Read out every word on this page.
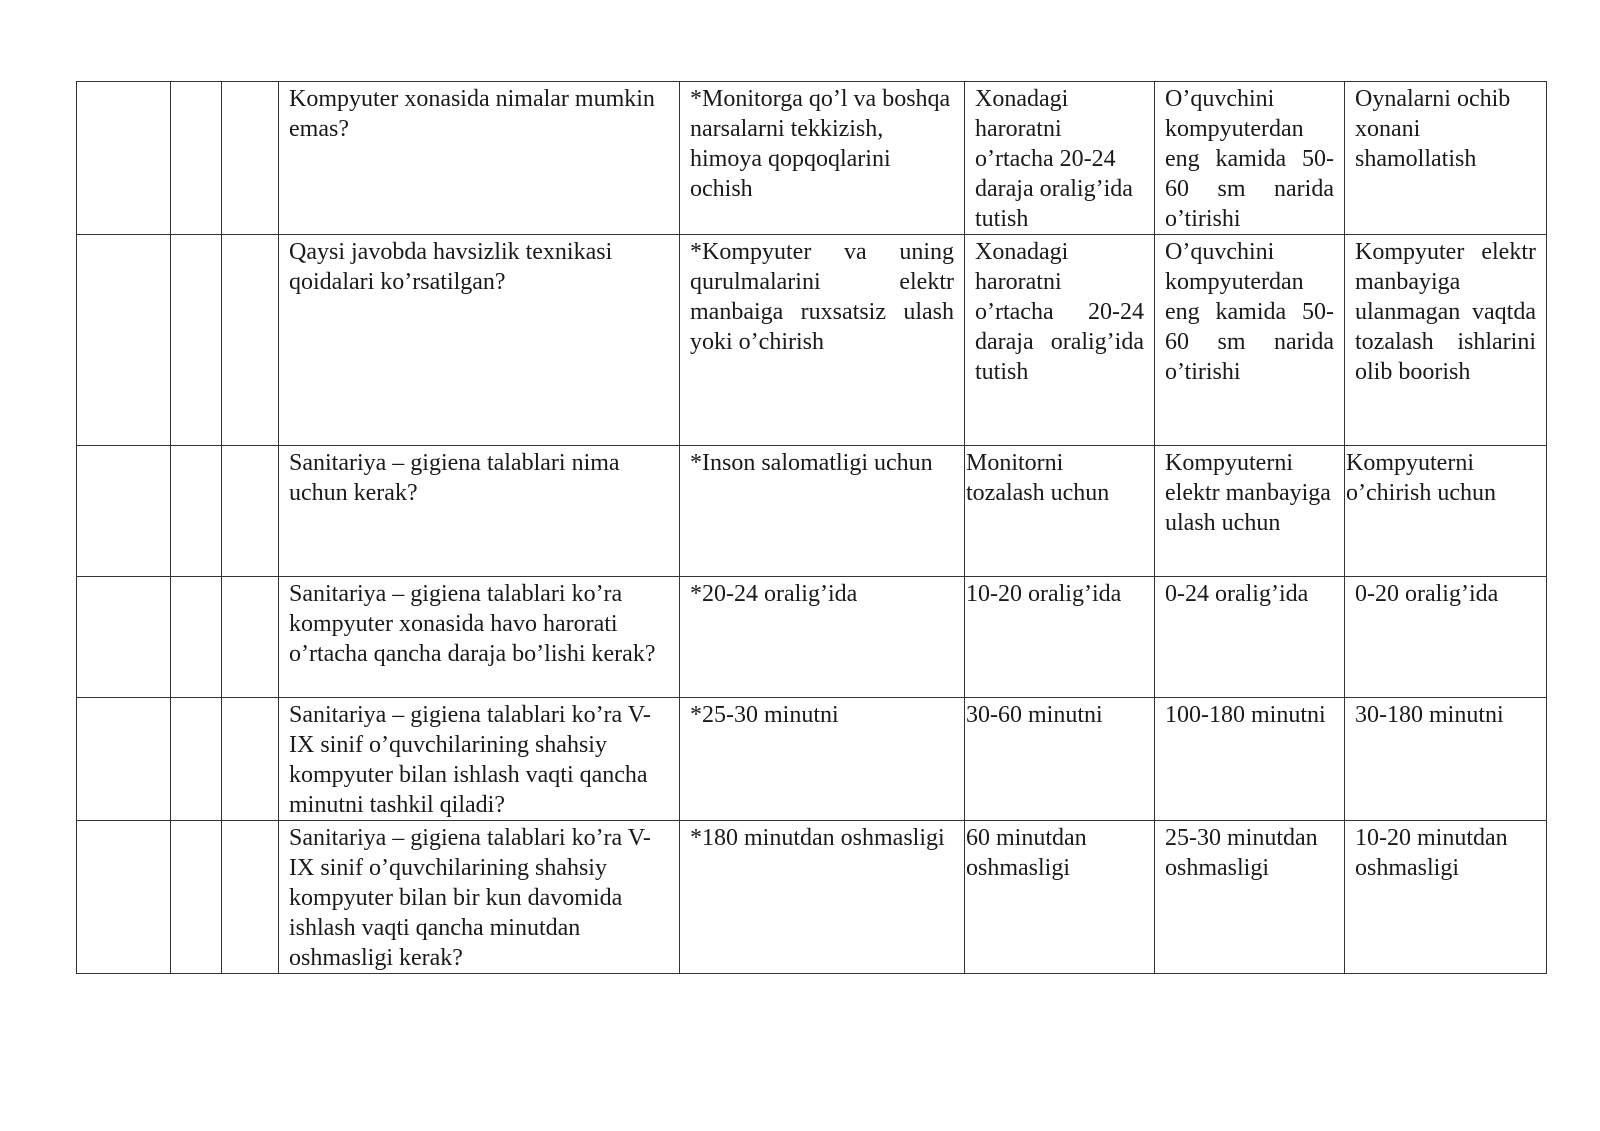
			Kompyuter xonasida nimalar mumkin emas?	*Monitorga qo’l va boshqa narsalarni tekkizish, himoya qopqoqlarini ochish	Xonadagi haroratni o’rtacha 20-24 daraja oralig’ida tutish	O’quvchini kompyuterdan eng kamida 50-60 sm narida o’tirishi	Oynalarni ochib xonani shamollatish
			Qaysi javobda havsizlik texnikasi qoidalari ko’rsatilgan?	*Kompyuter va uning qurulmalarini elektr manbaiga ruxsatsiz ulash yoki o’chirish	Xonadagi haroratni o’rtacha 20-24 daraja oralig’ida tutish	O’quvchini kompyuterdan eng kamida 50-60 sm narida o’tirishi	Kompyuter elektr manbayiga ulanmagan vaqtda tozalash ishlarini olib boorish
			Sanitariya – gigiena talablari nima uchun kerak?	*Inson salomatligi uchun	Monitorni tozalash uchun	Kompyuterni elektr manbayiga ulash uchun	Kompyuterni o’chirish uchun
			Sanitariya – gigiena talablari ko’ra kompyuter xonasida havo harorati o’rtacha qancha daraja bo’lishi kerak?	*20-24 oralig’ida	10-20 oralig’ida	0-24 oralig’ida	0-20 oralig’ida
			Sanitariya – gigiena talablari ko’ra V-IX sinif o’quvchilarining shahsiy kompyuter bilan ishlash vaqti qancha minutni tashkil qiladi?	*25-30 minutni	30-60 minutni	100-180 minutni	30-180 minutni
			Sanitariya – gigiena talablari ko’ra V-IX sinif o’quvchilarining shahsiy kompyuter bilan bir kun davomida ishlash vaqti qancha minutdan oshmasligi kerak?	*180 minutdan oshmasligi	60 minutdan oshmasligi	25-30 minutdan oshmasligi	10-20 minutdan oshmasligi
